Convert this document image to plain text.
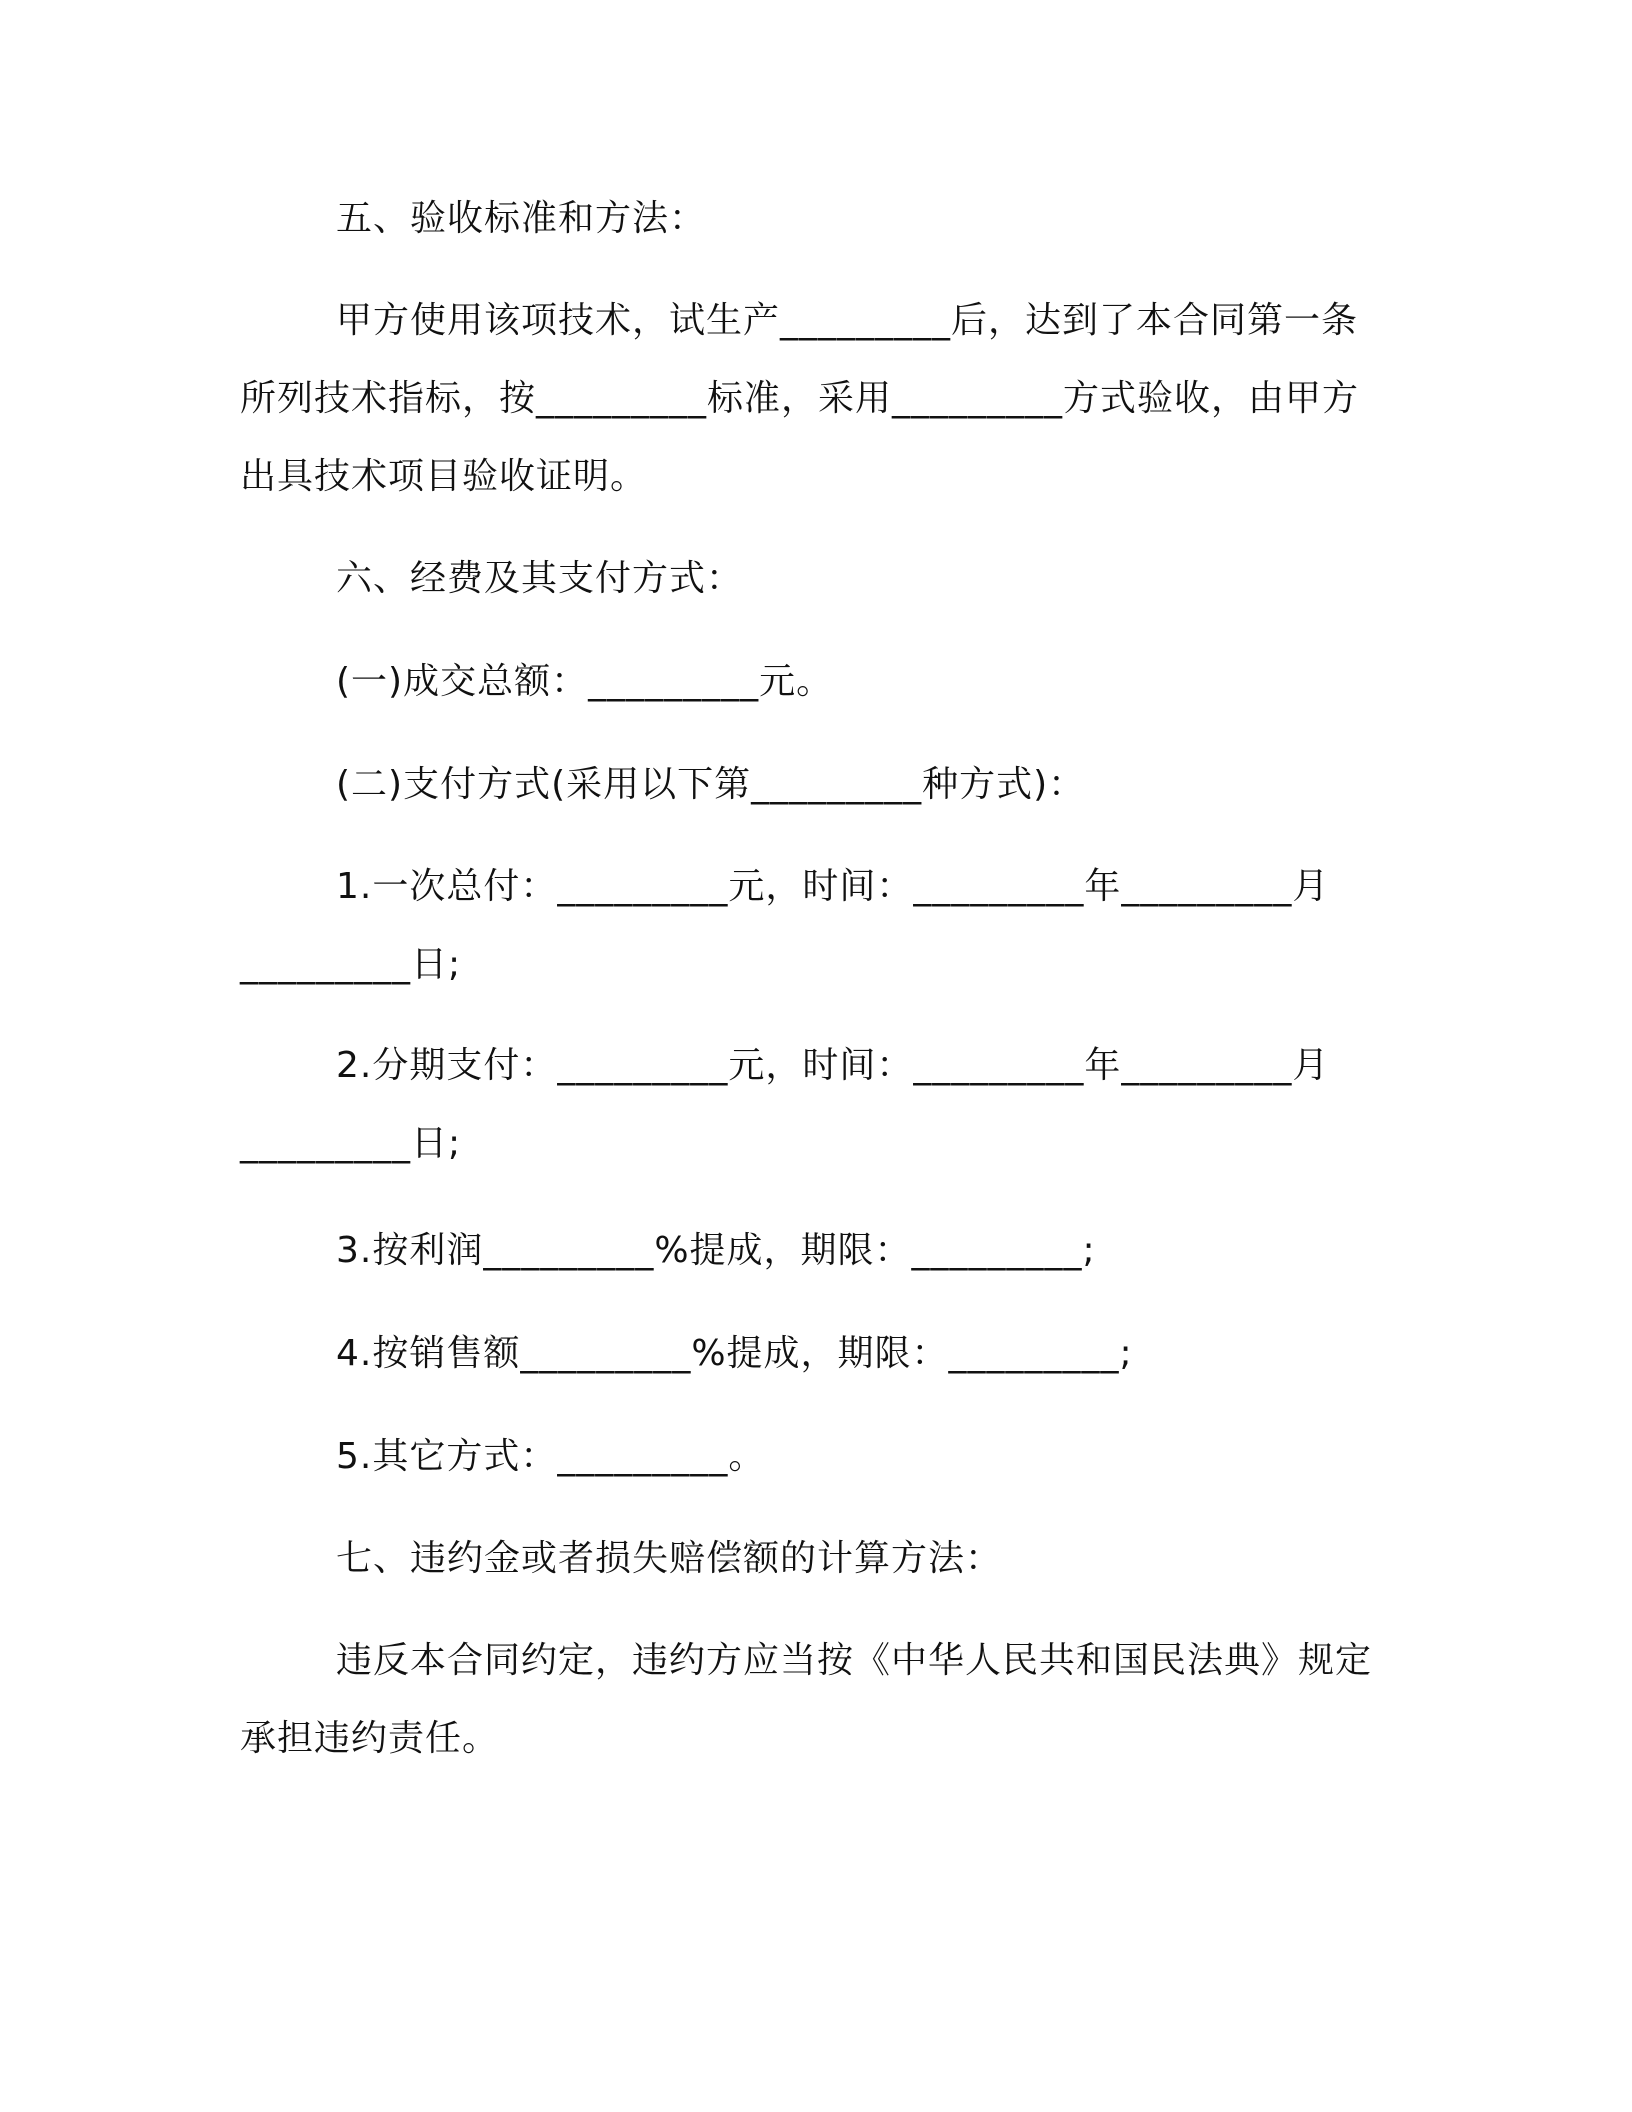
五、验收标准和方法：

甲方使用该项技术，试生产_________后，达到了本合同第一条所列技术指标，按_________标准，采用_________方式验收，由甲方出具技术项目验收证明。

六、经费及其支付方式：

(一)成交总额：_________元。

(二)支付方式(采用以下第_________种方式)：

1.一次总付：_________元，时间：_________年_________月_________日;

2.分期支付：_________元，时间：_________年_________月_________日;

3.按利润_________%提成，期限：_________;

4.按销售额_________%提成，期限：_________;

5.其它方式：_________。

七、违约金或者损失赔偿额的计算方法：

违反本合同约定，违约方应当按《中华人民共和国民法典》规定承担违约责任。
